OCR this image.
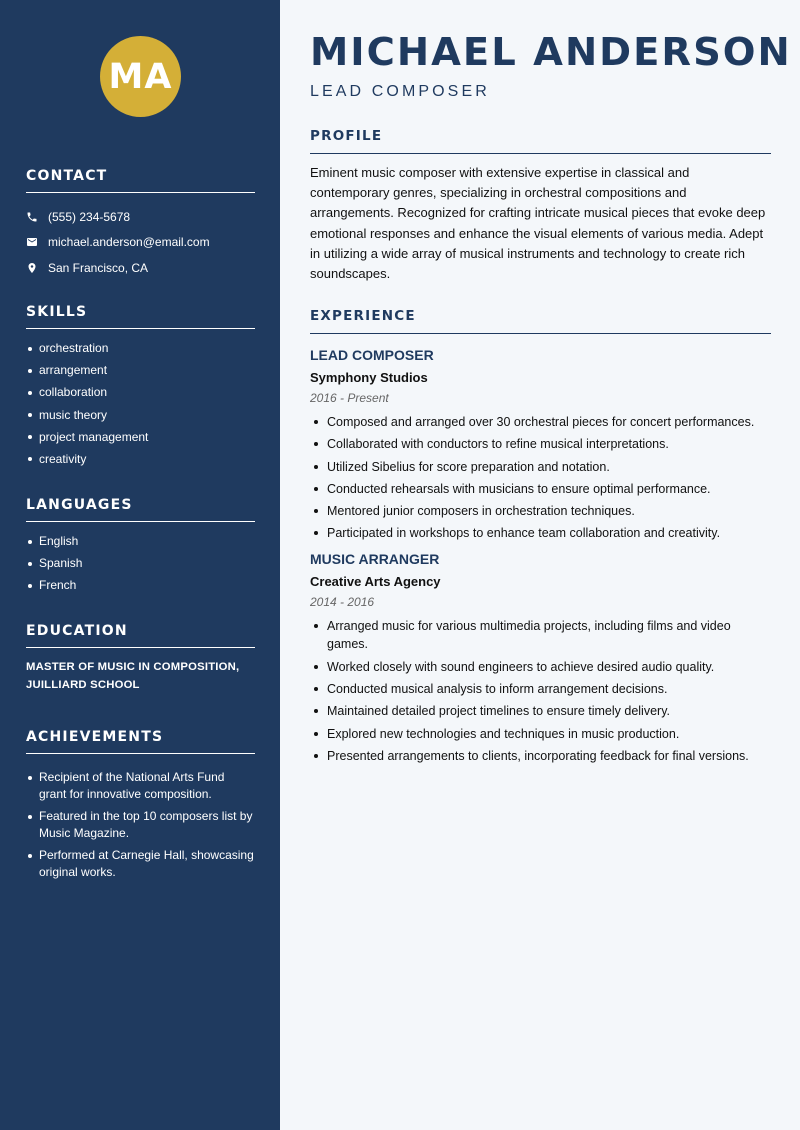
MA
CONTACT
(555) 234-5678
michael.anderson@email.com
San Francisco, CA
SKILLS
orchestration
arrangement
collaboration
music theory
project management
creativity
LANGUAGES
English
Spanish
French
EDUCATION
MASTER OF MUSIC IN COMPOSITION, JUILLIARD SCHOOL
ACHIEVEMENTS
Recipient of the National Arts Fund grant for innovative composition.
Featured in the top 10 composers list by Music Magazine.
Performed at Carnegie Hall, showcasing original works.
MICHAEL ANDERSON
LEAD COMPOSER
PROFILE

Eminent music composer with extensive expertise in classical and contemporary genres, specializing in orchestral compositions and arrangements. Recognized for crafting intricate musical pieces that evoke deep emotional responses and enhance the visual elements of various media. Adept in utilizing a wide array of musical instruments and technology to create rich soundscapes.

EXPERIENCE
LEAD COMPOSER
Symphony Studios
2016 - Present
Composed and arranged over 30 orchestral pieces for concert performances.
Collaborated with conductors to refine musical interpretations.
Utilized Sibelius for score preparation and notation.
Conducted rehearsals with musicians to ensure optimal performance.
Mentored junior composers in orchestration techniques.
Participated in workshops to enhance team collaboration and creativity.
MUSIC ARRANGER
Creative Arts Agency
2014 - 2016
Arranged music for various multimedia projects, including films and video games.
Worked closely with sound engineers to achieve desired audio quality.
Conducted musical analysis to inform arrangement decisions.
Maintained detailed project timelines to ensure timely delivery.
Explored new technologies and techniques in music production.
Presented arrangements to clients, incorporating feedback for final versions.
